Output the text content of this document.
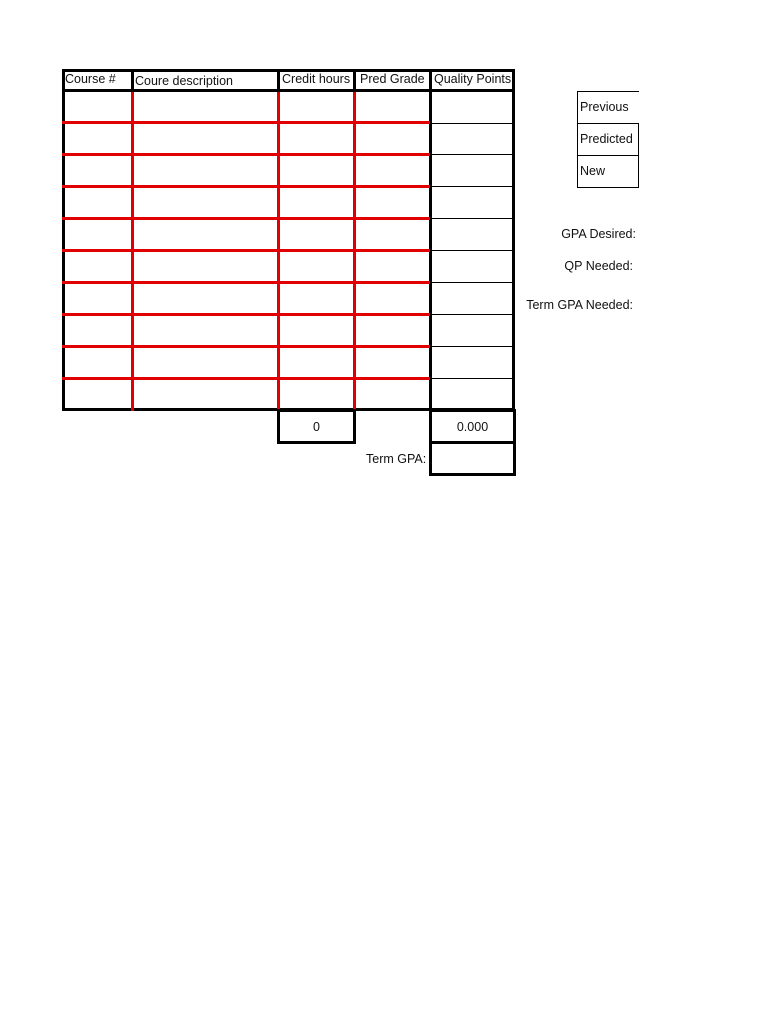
Course # Coure description	Credit hours Pred Grade Quality Points
0	0.000
Term GPA:
Previous
Predicted
New
GPA Desired:
QP Needed:
Term GPA Needed:
